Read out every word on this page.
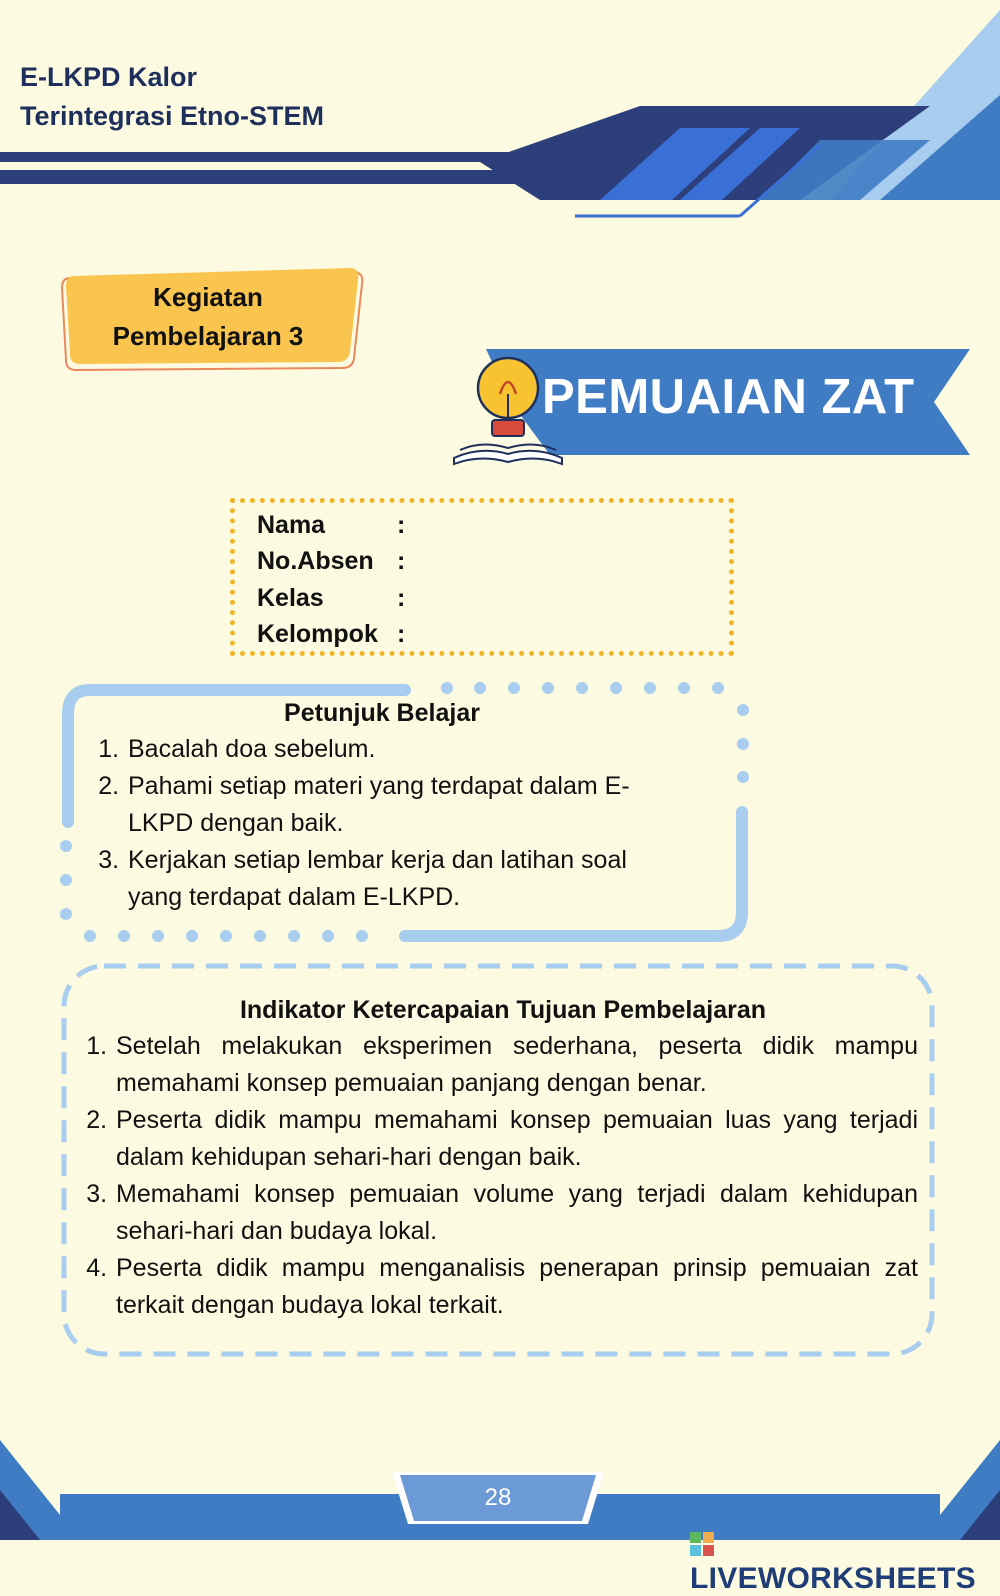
E-LKPD Kalor
Terintegrasi Etno-STEM
Kegiatan
Pembelajaran 3
PEMUAIAN ZAT
Nama	:
No.Absen :
Kelas	:
Kelompok :
Petunjuk Belajar
1. Bacalah doa sebelum.
2. Pahami setiap materi yang terdapat dalam E-LKPD dengan baik.
3. Kerjakan setiap lembar kerja dan latihan soal yang terdapat dalam E-LKPD.
Indikator Ketercapaian Tujuan Pembelajaran
1. Setelah melakukan eksperimen sederhana, peserta didik mampu memahami konsep pemuaian panjang dengan benar.
2. Peserta didik mampu memahami konsep pemuaian luas yang terjadi dalam kehidupan sehari-hari dengan baik.
3. Memahami konsep pemuaian volume yang terjadi dalam kehidupan sehari-hari dan budaya lokal.
4. Peserta didik mampu menganalisis penerapan prinsip pemuaian zat terkait dengan budaya lokal terkait.
28
LIVEWORKSHEETS
